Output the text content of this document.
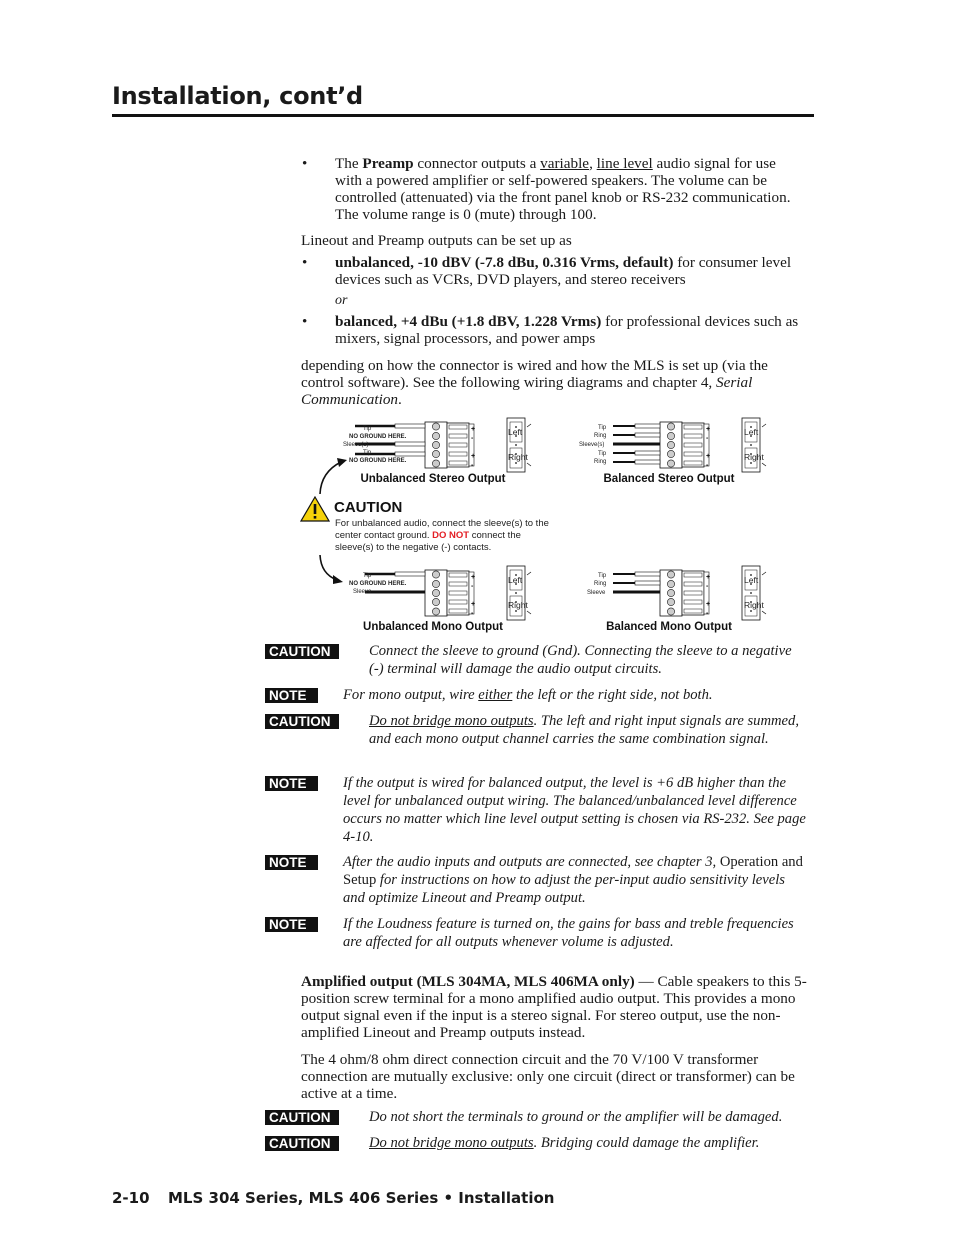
Installation, cont’d
• The Preamp connector outputs a variable, line level audio signal for use with a powered amplifier or self-powered speakers. The volume can be controlled (attenuated) via the front panel knob or RS-232 communication. The volume range is 0 (mute) through 100.
Lineout and Preamp outputs can be set up as
• unbalanced, -10 dBV (-7.8 dBu, 0.316 Vrms, default) for consumer level devices such as VCRs, DVD players, and stereo receivers
or
• balanced, +4 dBu (+1.8 dBV, 1.228 Vrms) for professional devices such as mixers, signal processors, and power amps
depending on how the connector is wired and how the MLS is set up (via the control software). See the following wiring diagrams and chapter 4, Serial Communication.
Tip
NO GROUND HERE.
Sleeve(s)
Tip
NO GROUND HERE.
+
-
+
-
Left
Right
Unbalanced Stereo Output
Tip
Ring
Sleeve(s)
Tip
Ring
+
-
+
-
Left
Right
Balanced Stereo Output
Tip
NO GROUND HERE.
Sleeve
+
-
+
-
Left
Right
Unbalanced Mono Output
Tip
Ring
Sleeve
+
-
+
-
Left
Right
Balanced Mono Output
CAUTION
For unbalanced audio, connect the sleeve(s) to the center contact ground. DO NOT connect the sleeve(s) to the negative (-) contacts.
CAUTION	Connect the sleeve to ground (Gnd). Connecting the sleeve to a negative (-) terminal will damage the audio output circuits.
NOTE	For mono output, wire either the left or the right side, not both.
CAUTION	Do not bridge mono outputs. The left and right input signals are summed, and each mono output channel carries the same combination signal.
NOTE	If the output is wired for balanced output, the level is +6 dB higher than the level for unbalanced output wiring. The balanced/unbalanced level difference occurs no matter which line level output setting is chosen via RS-232. See page 4-10.
NOTE	After the audio inputs and outputs are connected, see chapter 3, Operation and Setup for instructions on how to adjust the per-input audio sensitivity levels and optimize Lineout and Preamp output.
NOTE	If the Loudness feature is turned on, the gains for bass and treble frequencies are affected for all outputs whenever volume is adjusted.
Amplified output (MLS 304MA, MLS 406MA only) — Cable speakers to this 5-position screw terminal for a mono amplified audio output. This provides a mono output signal even if the input is a stereo signal. For stereo output, use the non-amplified Lineout and Preamp outputs instead.
The 4 ohm/8 ohm direct connection circuit and the 70 V/100 V transformer connection are mutually exclusive: only one circuit (direct or transformer) can be active at a time.
CAUTION	Do not short the terminals to ground or the amplifier will be damaged.
CAUTION	Do not bridge mono outputs. Bridging could damage the amplifier.
2-10 MLS 304 Series, MLS 406 Series • Installation
